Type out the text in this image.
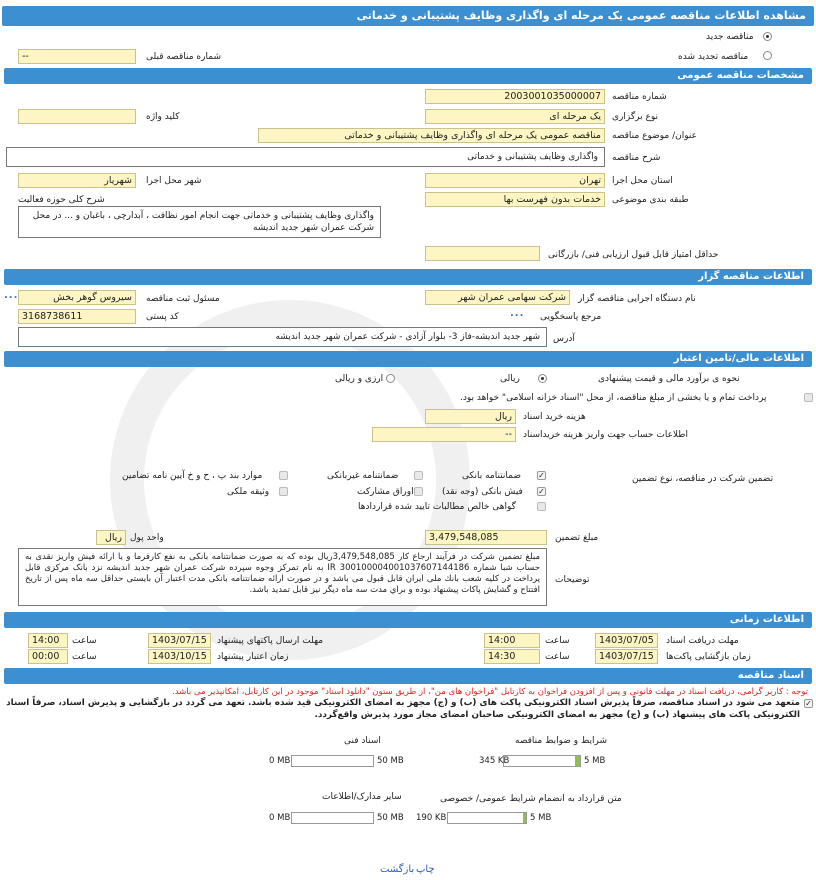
مشاهده اطلاعات مناقصه عمومی یک مرحله ای واگذاری وظایف پشتیبانی و خدماتی
مناقصه جدید
مناقصه تجدید شده
--	شماره مناقصه قبلی
مشخصات مناقصه عمومی
2003001035000007	شماره مناقصه
یک مرحله ای	نوع برگزاری
کلید واژه
مناقصه عمومی یک مرحله ای واگذاری وظایف پشتیبانی و خدماتی	عنوان/ موضوع مناقصه
واگذاری وظایف پشتیبانی و خدماتی	شرح مناقصه
تهران	استان محل اجرا
شهریار	شهر محل اجرا
خدمات بدون فهرست بها	طبقه بندی موضوعی
شرح کلی حوزه فعالیت
واگذاری وظایف پشتیبانی و خدماتی جهت انجام امور نظافت ، آبدارچی ، باغبان و ... در محل شرکت عمران شهر جدید اندیشه
حداقل امتیاز قابل قبول ارزیابی فنی/ بازرگانی
اطلاعات مناقصه گزار
شرکت سهامی عمران شهر	نام دستگاه اجرایی مناقصه گزار
سیروس گوهر بخش
...	مسئول ثبت مناقصه
... مرجع پاسخگویی
3168738611	کد پستی
شهر جدید اندیشه-فاز 3- بلوار آزادی - شرکت عمران شهر جدید اندیشه	آدرس
اطلاعات مالی/تامین اعتبار
نحوه ی برآورد مالی و قیمت پیشنهادی
ریالی
ارزی و ریالی
پرداخت تمام و یا بخشی از مبلغ مناقصه، از محل "اسناد خزانه اسلامی" خواهد بود.
ریال	هزینه خرید اسناد
--	اطلاعات حساب جهت واریز هزینه خریداسناد
تضمین شرکت در مناقصه، نوع تضمین
✓
ضمانتنامه بانکی
ضمانتنامه غیربانکی
موارد بند پ ، ح و خ آیین نامه تضامین
✓
فیش بانکی (وجه نقد)
اوراق مشارکت
وثیقه ملکی
گواهی خالص مطالبات تایید شده قراردادها
3,479,548,085	مبلغ تضمین
ریال واحد پول
مبلغ تضمین شرکت در فرآیند ارجاع کار 3,479,548,085ریال بوده که به صورت ضمانتنامه بانکی به نفع کارفرما و یا ارائه فیش واریز نقدی به حساب شبا شماره IR 300100004001037607144186 به نام تمرکز وجوه سپرده شرکت عمران شهر جدید اندیشه نزد بانک مرکزی قابل پرداخت در کلیه شعب بانك ملی ايران قابل قبول می باشد و در صورت ارائه ضمانتنامه بانکی مدت اعتبار آن بایستی حداقل سه ماه پس از تاریخ افتتاح و گشایش پاکات پیشنهاد بوده و براي مدت سه ماه دیگر نیز قابل تمدید باشد.
توضیحات
اطلاعات زمانی
1403/07/05	مهلت دریافت اسناد
14:00	ساعت
1403/07/15	مهلت ارسال پاکتهای پیشنهاد
14:00	ساعت
1403/07/15	زمان بازگشایی پاکت‌ها
14:30	ساعت
1403/10/15	زمان اعتبار پیشنهاد
00:00	ساعت
اسناد مناقصه
توجه : کاربر گرامی، دریافت اسناد در مهلت قانونی و پس از افزودن فراخوان به کارتابل "فراخوان های من"، از طریق ستون "دانلود اسناد" موجود در این کارتابل، امکانپذیر می باشد.
✓
متعهد می شود در اسناد مناقصه، صرفاً پذیرش اسناد الکترونیکی پاکت های (ب) و (ج) مجهز به امضای الکترونیکی قید شده باشد. تعهد می گردد در بازگشایی و پذیرش اسناد، صرفاً اسناد الکترونیکی پاکت های پیشنهاد (ب) و (ج) مجهز به امضای الکترونیکی صاحبان امضای مجاز مورد پذیرش واقع‌گردد.
شرایط و ضوابط مناقصه
اسناد فنی
5 MB
345 KB
50 MB
0 MB
متن قرارداد به انضمام شرایط عمومی/ خصوصی
سایر مدارک/اطلاعات
5 MB
190 KB
50 MB
0 MB
چاپ
بازگشت
